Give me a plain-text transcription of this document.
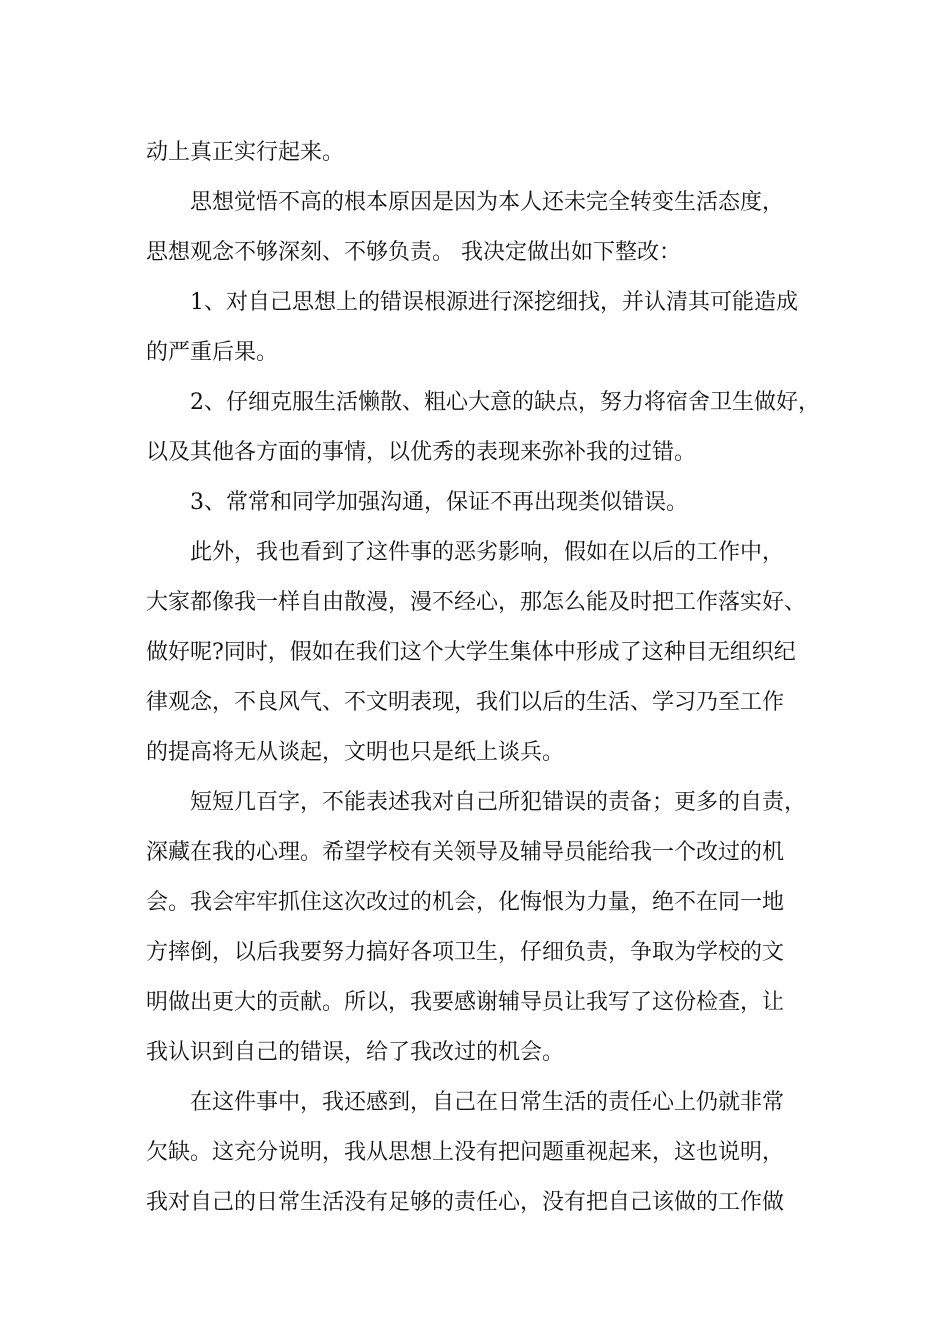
动上真正实行起来。
思想觉悟不高的根本原因是因为本人还未完全转变生活态度，
思想观念不够深刻、不够负责。 我决定做出如下整改：
1、对自己思想上的错误根源进行深挖细找，并认清其可能造成
的严重后果。
2、仔细克服生活懒散、粗心大意的缺点，努力将宿舍卫生做好，
以及其他各方面的事情，以优秀的表现来弥补我的过错。
3、常常和同学加强沟通，保证不再出现类似错误。
此外，我也看到了这件事的恶劣影响，假如在以后的工作中，
大家都像我一样自由散漫，漫不经心，那怎么能及时把工作落实好、
做好呢?同时，假如在我们这个大学生集体中形成了这种目无组织纪
律观念，不良风气、不文明表现，我们以后的生活、学习乃至工作
的提高将无从谈起，文明也只是纸上谈兵。
短短几百字，不能表述我对自己所犯错误的责备；更多的自责，
深藏在我的心理。希望学校有关领导及辅导员能给我一个改过的机
会。我会牢牢抓住这次改过的机会，化悔恨为力量，绝不在同一地
方摔倒，以后我要努力搞好各项卫生，仔细负责，争取为学校的文
明做出更大的贡献。所以，我要感谢辅导员让我写了这份检查，让
我认识到自己的错误，给了我改过的机会。
在这件事中，我还感到，自己在日常生活的责任心上仍就非常
欠缺。这充分说明，我从思想上没有把问题重视起来，这也说明，
我对自己的日常生活没有足够的责任心，没有把自己该做的工作做
